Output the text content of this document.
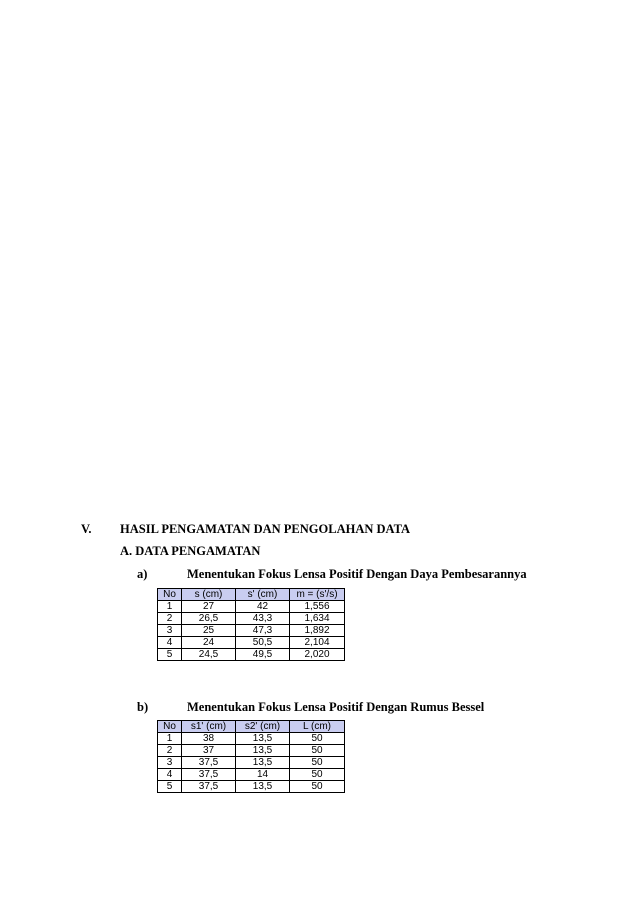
V. HASIL PENGAMATAN DAN PENGOLAHAN DATA
A. DATA PENGAMATAN
a)	Menentukan Fokus Lensa Positif Dengan Daya Pembesarannya
No	s (cm)	s' (cm)	m = (s'/s)
1	27	42	1,556
2	26,5	43,3	1,634
3	25	47,3	1,892
4	24	50,5	2,104
5	24,5	49,5	2,020
b)	Menentukan Fokus Lensa Positif Dengan Rumus Bessel
No	s1' (cm)	s2' (cm)	L (cm)
1	38	13,5	50
2	37	13,5	50
3	37,5	13,5	50
4	37,5	14	50
5	37,5	13,5	50
